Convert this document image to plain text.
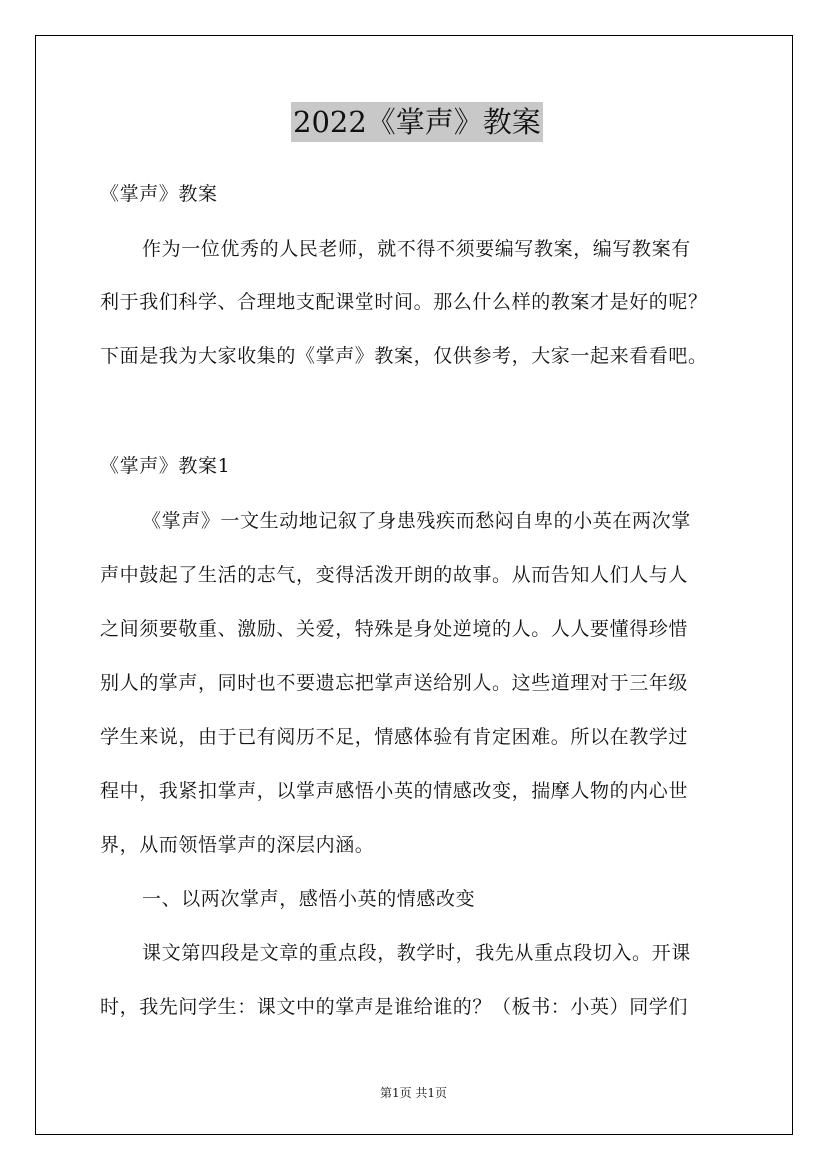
2022《掌声》教案
《掌声》教案
作为一位优秀的人民老师，就不得不须要编写教案，编写教案有
利于我们科学、合理地支配课堂时间。那么什么样的教案才是好的呢？
下面是我为大家收集的《掌声》教案，仅供参考，大家一起来看看吧。
《掌声》教案1
《掌声》一文生动地记叙了身患残疾而愁闷自卑的小英在两次掌
声中鼓起了生活的志气，变得活泼开朗的故事。从而告知人们人与人
之间须要敬重、激励、关爱，特殊是身处逆境的人。人人要懂得珍惜
别人的掌声，同时也不要遗忘把掌声送给别人。这些道理对于三年级
学生来说，由于已有阅历不足，情感体验有肯定困难。所以在教学过
程中，我紧扣掌声，以掌声感悟小英的情感改变，揣摩人物的内心世
界，从而领悟掌声的深层内涵。
一、以两次掌声，感悟小英的情感改变
课文第四段是文章的重点段，教学时，我先从重点段切入。开课
时，我先问学生：课文中的掌声是谁给谁的？（板书：小英）同学们
第1页 共1页
